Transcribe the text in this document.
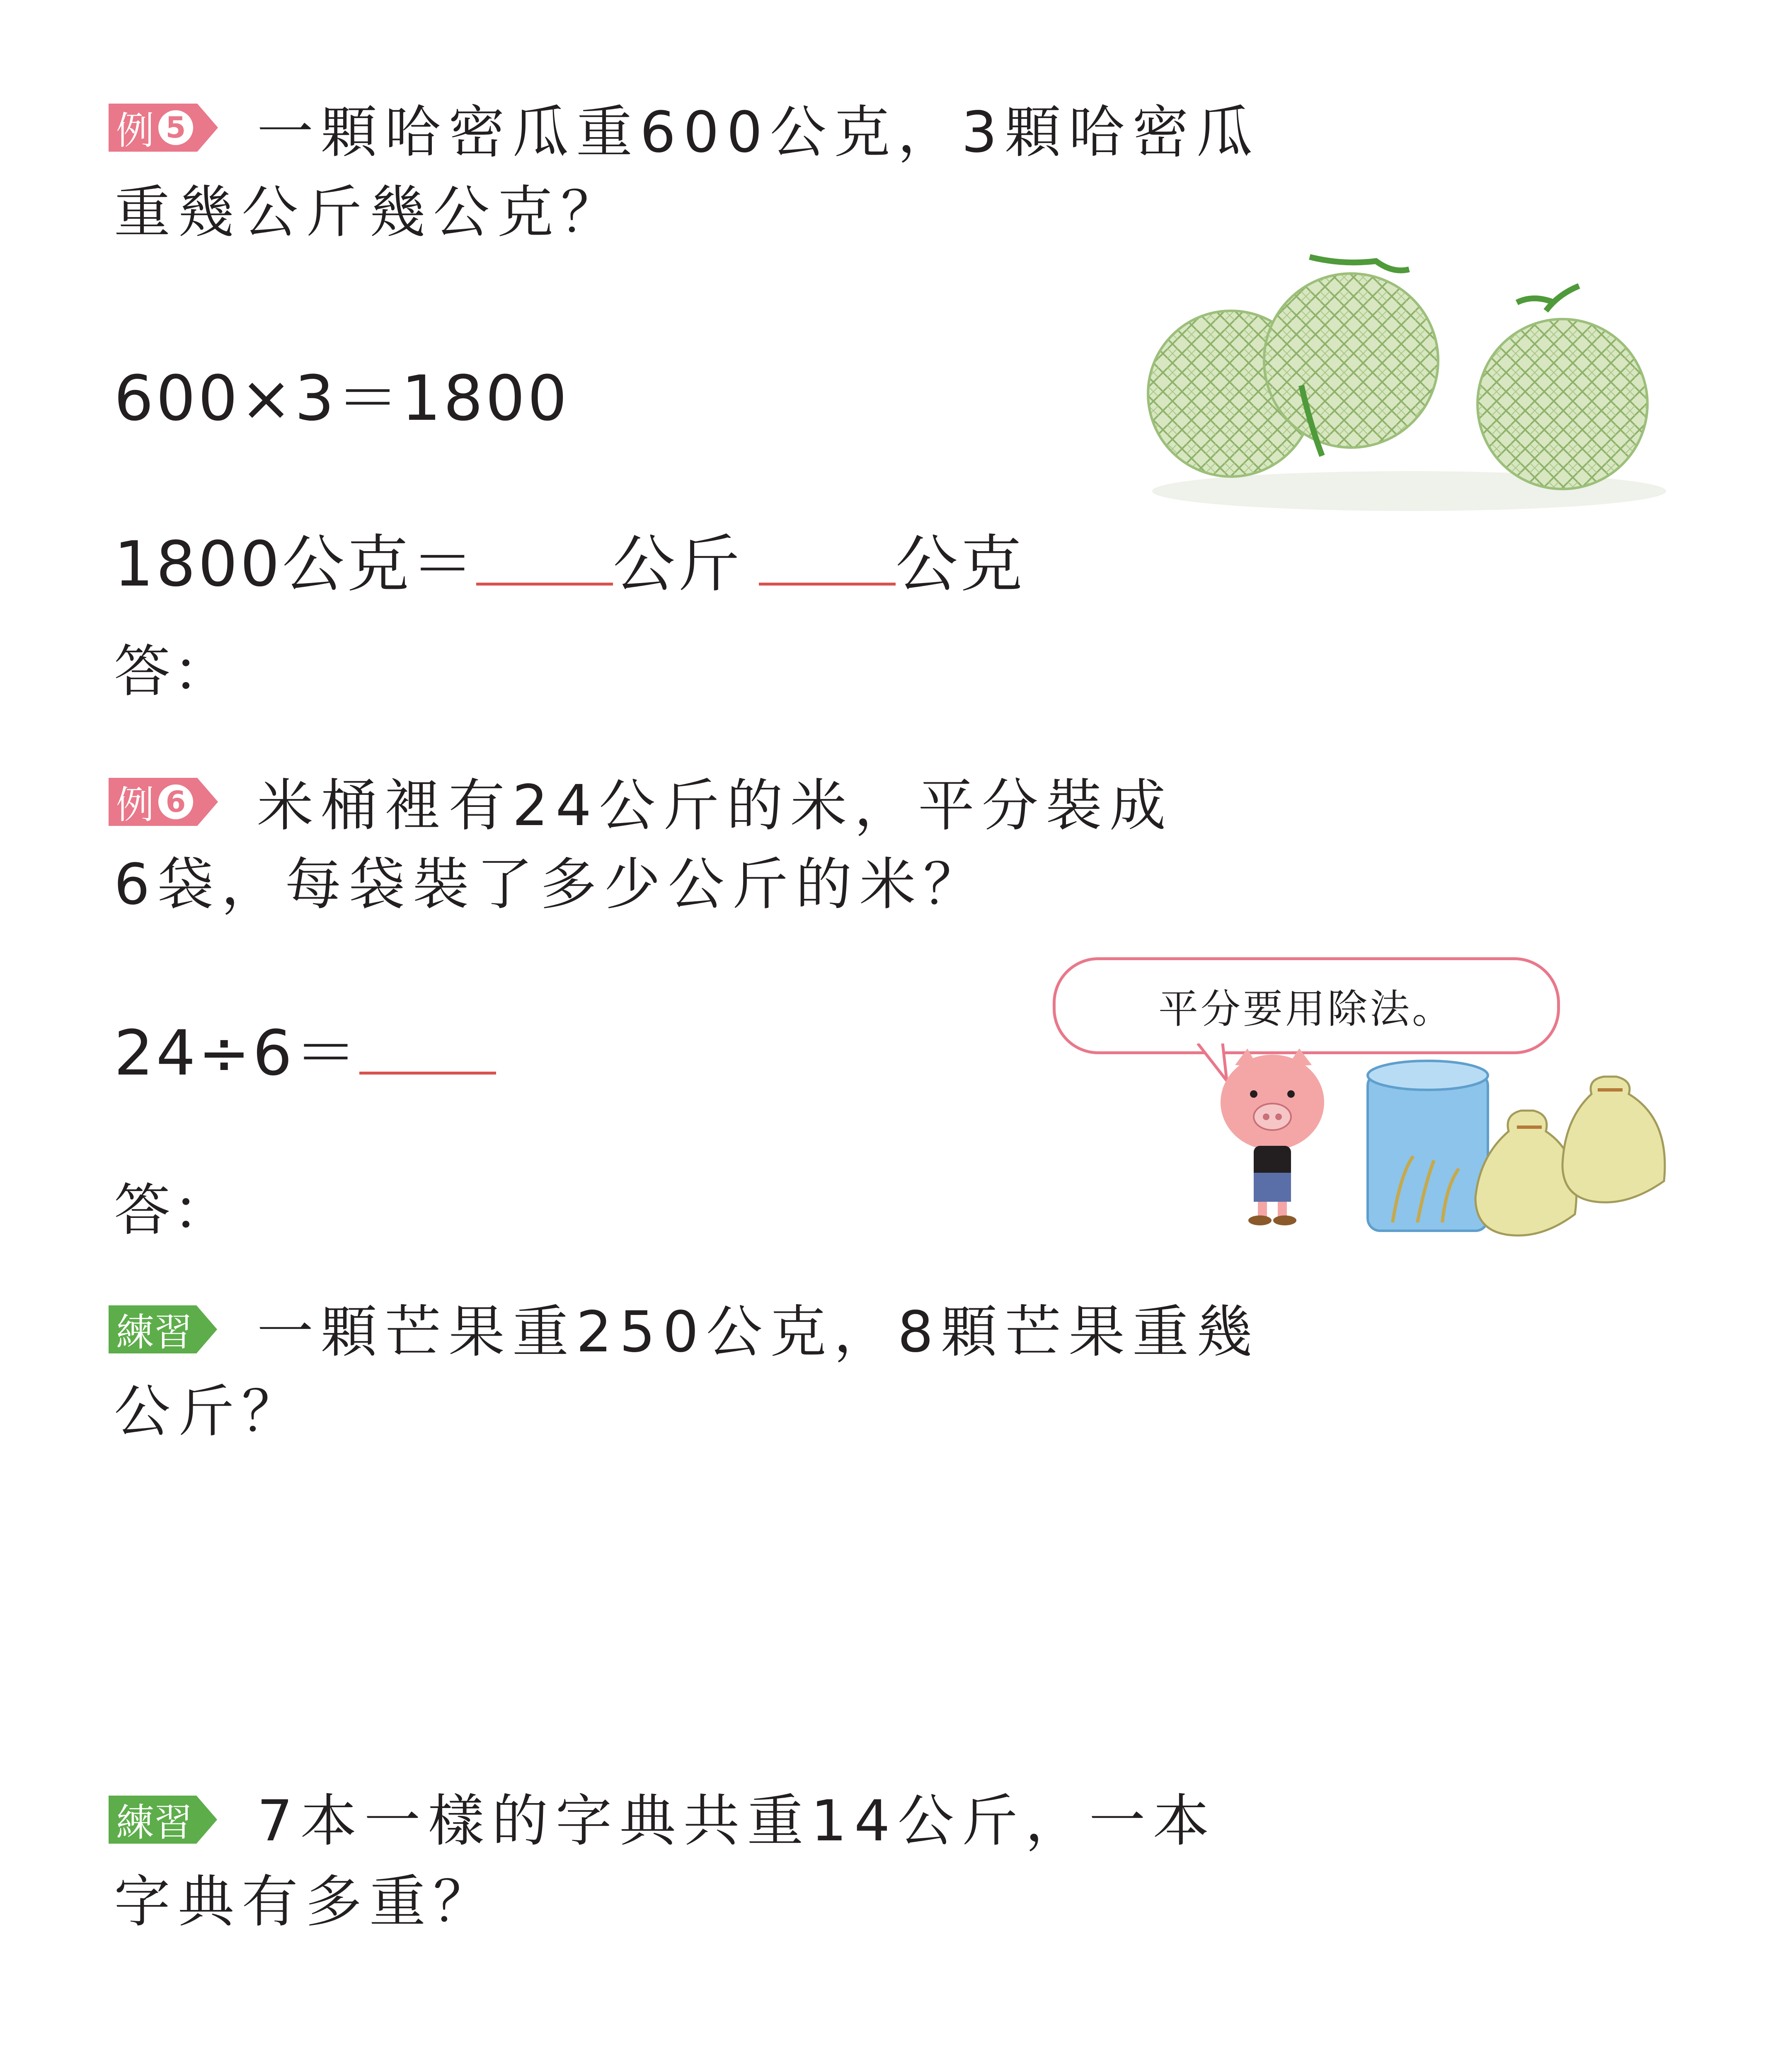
例 5 一顆哈密瓜重600公克，3顆哈密瓜
重幾公斤幾公克？
600×3＝1800
1800公克＝ 公斤 公克
答：
例 6 米桶裡有24公斤的米，平分裝成
6袋，每袋裝了多少公斤的米？
24÷6＝
平分要用除法。
答：
練習 一顆芒果重250公克，8顆芒果重幾
公斤？
練習 7本一樣的字典共重14公斤，一本
字典有多重？
